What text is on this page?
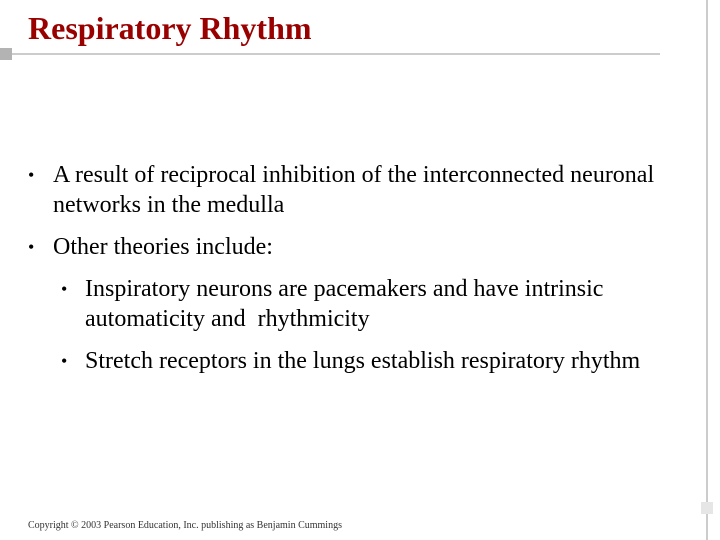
Respiratory Rhythm
• A result of reciprocal inhibition of the interconnected neuronal networks in the medulla
• Other theories include:
• Inspiratory neurons are pacemakers and have intrinsic automaticity and  rhythmicity
• Stretch receptors in the lungs establish respiratory rhythm
Copyright © 2003 Pearson Education, Inc. publishing as Benjamin Cummings
